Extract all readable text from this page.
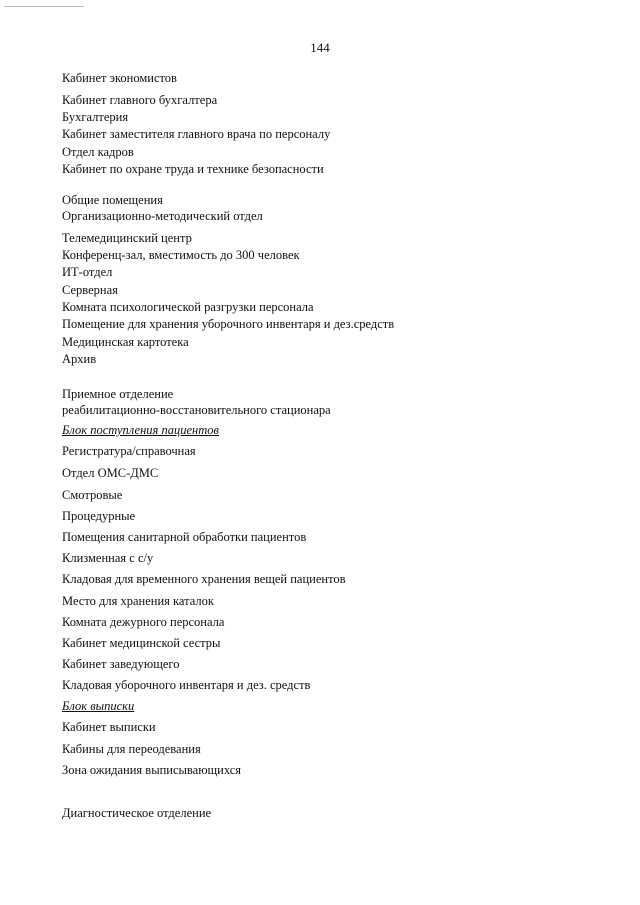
144
Кабинет экономистов
Кабинет главного бухгалтера
Бухгалтерия
Кабинет заместителя главного врача по персоналу
Отдел кадров
Кабинет по охране труда и технике безопасности
Общие помещения
Организационно-методический отдел
Телемедицинский центр
Конференц-зал, вместимость до 300 человек
ИТ-отдел
Серверная
Комната психологической разгрузки персонала
Помещение для хранения уборочного инвентаря и дез.средств
Медицинская картотека
Архив
Приемное отделение
реабилитационно-восстановительного стационара
Блок поступления пациентов
Регистратура/справочная
Отдел ОМС-ДМС
Смотровые
Процедурные
Помещения санитарной обработки пациентов
Клизменная с с/у
Кладовая для временного хранения вещей пациентов
Место для хранения каталок
Комната дежурного персонала
Кабинет медицинской сестры
Кабинет заведующего
Кладовая уборочного инвентаря и дез. средств
Блок выписки
Кабинет выписки
Кабины для переодевания
Зона ожидания выписывающихся
Диагностическое отделение
